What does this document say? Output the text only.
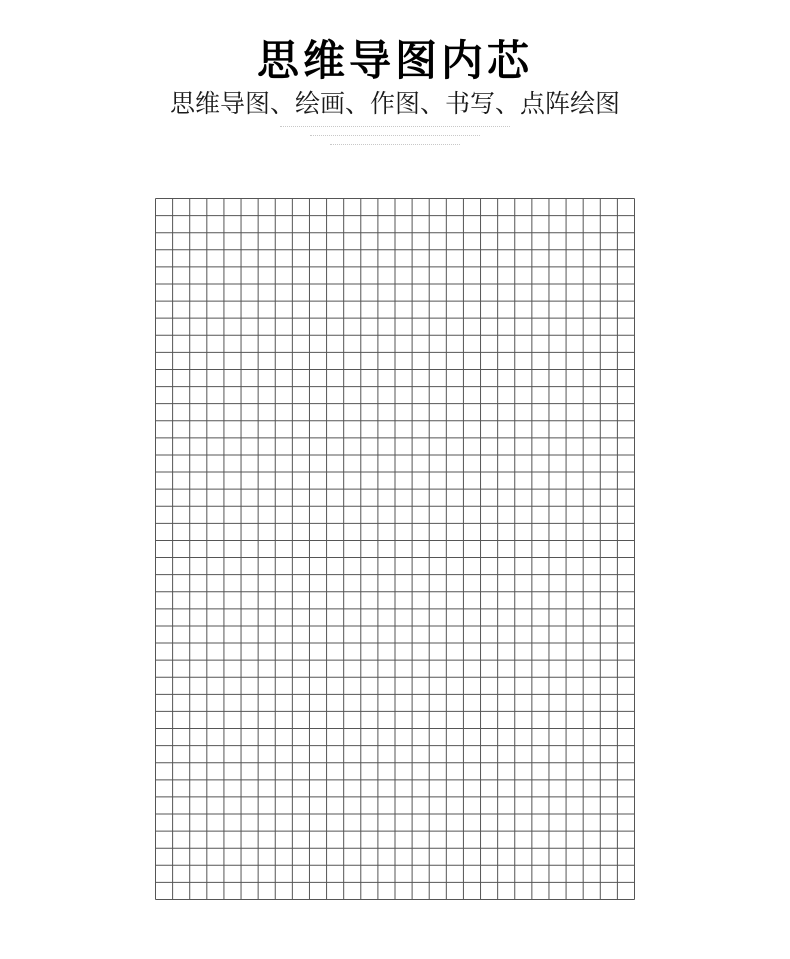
思维导图内芯
思维导图、绘画、作图、书写、点阵绘图
